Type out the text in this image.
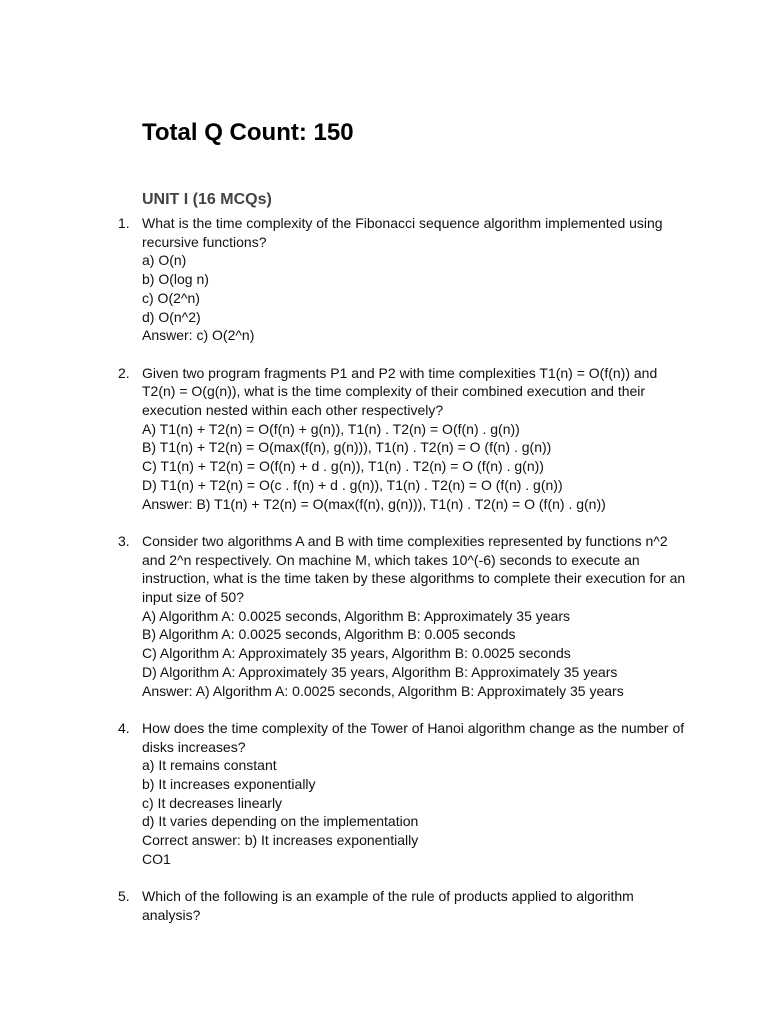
Total Q Count: 150
UNIT I (16 MCQs)
1. What is the time complexity of the Fibonacci sequence algorithm implemented using recursive functions?
a) O(n)
b) O(log n)
c) O(2^n)
d) O(n^2)
Answer: c) O(2^n)
2. Given two program fragments P1 and P2 with time complexities T1(n) = O(f(n)) and T2(n) = O(g(n)), what is the time complexity of their combined execution and their execution nested within each other respectively?
A) T1(n) + T2(n) = O(f(n) + g(n)), T1(n) . T2(n) = O(f(n) . g(n))
B) T1(n) + T2(n) = O(max(f(n), g(n))), T1(n) . T2(n) = O (f(n) . g(n))
C) T1(n) + T2(n) = O(f(n) + d . g(n)), T1(n) . T2(n) = O (f(n) . g(n))
D) T1(n) + T2(n) = O(c . f(n) + d . g(n)), T1(n) . T2(n) = O (f(n) . g(n))
Answer: B) T1(n) + T2(n) = O(max(f(n), g(n))), T1(n) . T2(n) = O (f(n) . g(n))
3. Consider two algorithms A and B with time complexities represented by functions n^2 and 2^n respectively. On machine M, which takes 10^(-6) seconds to execute an instruction, what is the time taken by these algorithms to complete their execution for an input size of 50?
A) Algorithm A: 0.0025 seconds, Algorithm B: Approximately 35 years
B) Algorithm A: 0.0025 seconds, Algorithm B: 0.005 seconds
C) Algorithm A: Approximately 35 years, Algorithm B: 0.0025 seconds
D) Algorithm A: Approximately 35 years, Algorithm B: Approximately 35 years
Answer: A) Algorithm A: 0.0025 seconds, Algorithm B: Approximately 35 years
4. How does the time complexity of the Tower of Hanoi algorithm change as the number of disks increases?
a) It remains constant
b) It increases exponentially
c) It decreases linearly
d) It varies depending on the implementation
Correct answer: b) It increases exponentially
CO1
5. Which of the following is an example of the rule of products applied to algorithm analysis?
